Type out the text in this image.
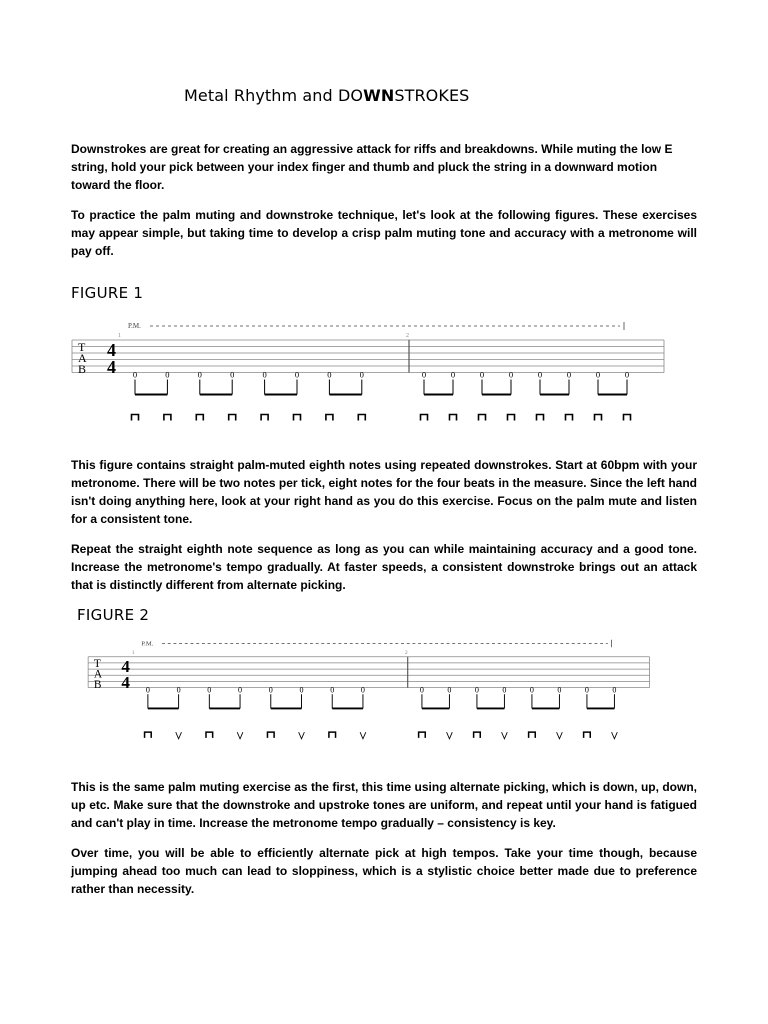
Metal Rhythm and DOWNSTROKES

Downstrokes are great for creating an aggressive attack for riffs and breakdowns. While muting the low E string, hold your pick between your index finger and thumb and pluck the string in a downward motion toward the floor.

To practice the palm muting and downstroke technique, let's look at the following figures. These exercises may appear simple, but taking time to develop a crisp palm muting tone and accuracy with a metronome will pay off.

FIGURE 1
1	2
P.M.
T
A
B
4
4 0	0	0	0	0	0	0	0	0	0	0	0	0	0	0	0

This figure contains straight palm-muted eighth notes using repeated downstrokes. Start at 60bpm with your metronome. There will be two notes per tick, eight notes for the four beats in the measure. Since the left hand isn't doing anything here, look at your right hand as you do this exercise. Focus on the palm mute and listen for a consistent tone.

Repeat the straight eighth note sequence as long as you can while maintaining accuracy and a good tone. Increase the metronome's tempo gradually. At faster speeds, a consistent downstroke brings out an attack that is distinctly different from alternate picking.

FIGURE 2
1	2
P.M.
T
A
B
4
4 0	0	0	0	0	0	0	0	0	0	0	0	0	0	0	0

This is the same palm muting exercise as the first, this time using alternate picking, which is down, up, down, up etc. Make sure that the downstroke and upstroke tones are uniform, and repeat until your hand is fatigued and can't play in time. Increase the metronome tempo gradually – consistency is key.

Over time, you will be able to efficiently alternate pick at high tempos. Take your time though, because jumping ahead too much can lead to sloppiness, which is a stylistic choice better made due to preference rather than necessity.
